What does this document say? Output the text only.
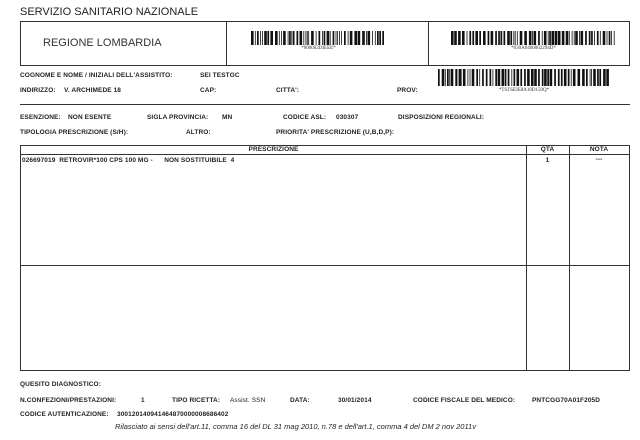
SERVIZIO SANITARIO NAZIONALE
REGIONE LOMBARDIA	*000002DIEEE*	*030A0400002294D*
COGNOME E NOME / INIZIALI DELL'ASSISTITO:	SEI TESTGC
INDIRIZZO: V. ARCHIMEDE 18	CAP:	CITTA':	PROV:	*TSTSEIE8A10D150Q*
ESENZIONE: NON ESENTE	SIGLA PROVINCIA: MN	CODICE ASL: 030307	DISPOSIZIONI REGIONALI:
TIPOLOGIA PRESCRIZIONE (S/H):	ALTRO:	PRIORITA' PRESCRIZIONE (U,B,D,P):
PRESCRIZIONE	QTA	NOTA
026697019  RETROVIR*100 CPS 100 MG -      NON SOSTITUIBILE  4	1	---
QUESITO DIAGNOSTICO:
N.CONFEZIONI/PRESTAZIONI:	1	TIPO RICETTA: Assist. SSN	DATA:	30/01/2014	CODICE FISCALE DEL MEDICO:	PNTCGG70A01F205D
CODICE AUTENTICAZIONE: 300120140941464870000008686402
Rilasciato ai sensi dell'art.11, comma 16 del DL 31 mag 2010, n.78 e dell'art.1, comma 4 del DM 2 nov 2011v
